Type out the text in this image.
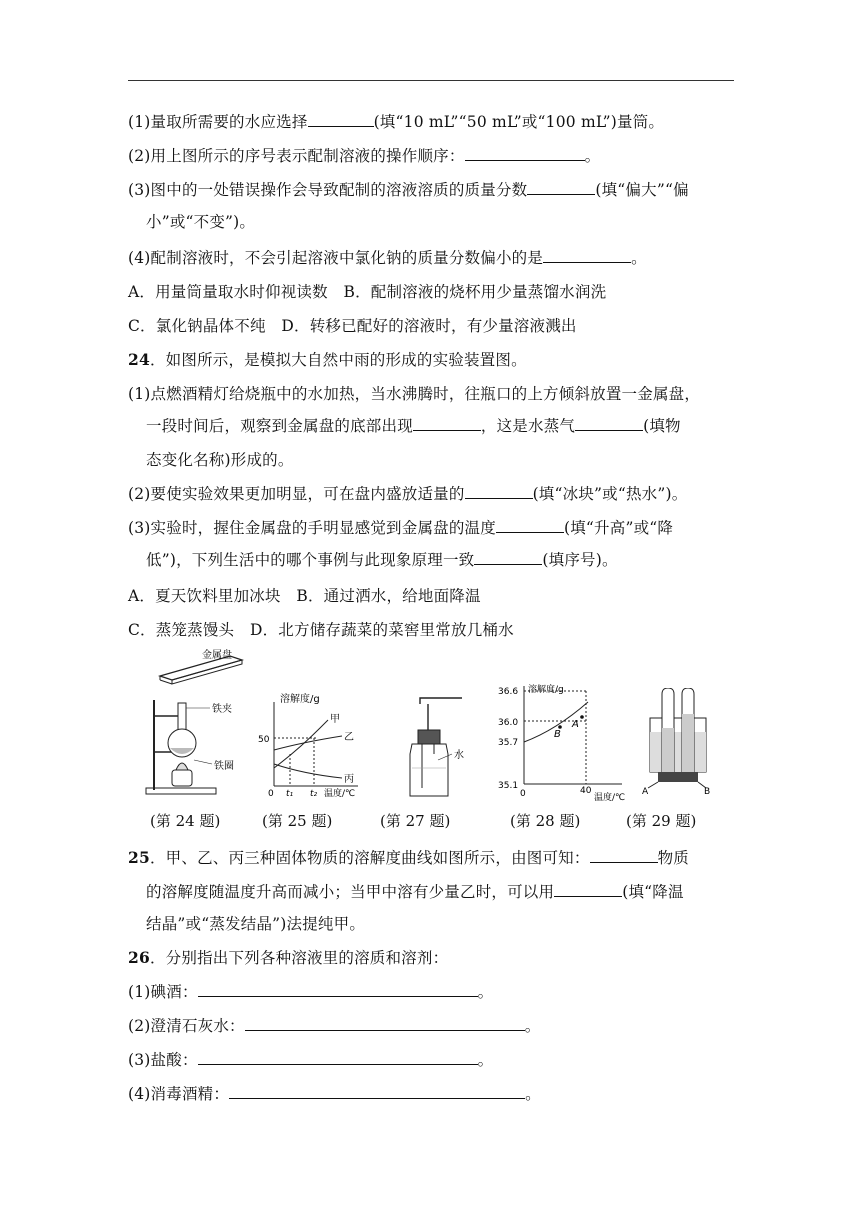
(1)量取所需要的水应选择	(填“10 mL”“50 mL”或“100 mL”)量筒。
(2)用上图所示的序号表示配制溶液的操作顺序：	。
(3)图中的一处错误操作会导致配制的溶液溶质的质量分数	(填“偏大”“偏
小”或“不变”)。
(4)配制溶液时，不会引起溶液中氯化钠的质量分数偏小的是	。
A．用量筒量取水时仰视读数　B．配制溶液的烧杯用少量蒸馏水润洗
C．氯化钠晶体不纯　D．转移已配好的溶液时，有少量溶液溅出
24．如图所示，是模拟大自然中雨的形成的实验装置图。
(1)点燃酒精灯给烧瓶中的水加热，当水沸腾时，往瓶口的上方倾斜放置一金属盘，
一段时间后，观察到金属盘的底部出现	，这是水蒸气	(填物
态变化名称)形成的。
(2)要使实验效果更加明显，可在盘内盛放适量的	(填“冰块”或“热水”)。
(3)实验时，握住金属盘的手明显感觉到金属盘的温度	(填“升高”或“降
低”)，下列生活中的哪个事例与此现象原理一致	(填序号)。
A．夏天饮料里加冰块　B．通过洒水，给地面降温
C．蒸笼蒸馒头　D．北方储存蔬菜的菜窖里常放几桶水
金属盘
铁夹
铁圈
(第 24 题)
溶解度/g
50
甲
乙
丙
0 t₁ t₂ 温度/℃
(第 25 题)
水
(第 27 题)
溶解度/g
36.6
36.0
35.7
35.1
B
A
0	40
温度/℃
(第 28 题)
A	B
(第 29 题)
25．甲、乙、丙三种固体物质的溶解度曲线如图所示，由图可知：	物质
的溶解度随温度升高而减小；当甲中溶有少量乙时，可以用	(填“降温
结晶”或“蒸发结晶”)法提纯甲。
26．分别指出下列各种溶液里的溶质和溶剂：
(1)碘酒：	。
(2)澄清石灰水：	。
(3)盐酸：	。
(4)消毒酒精：	。
